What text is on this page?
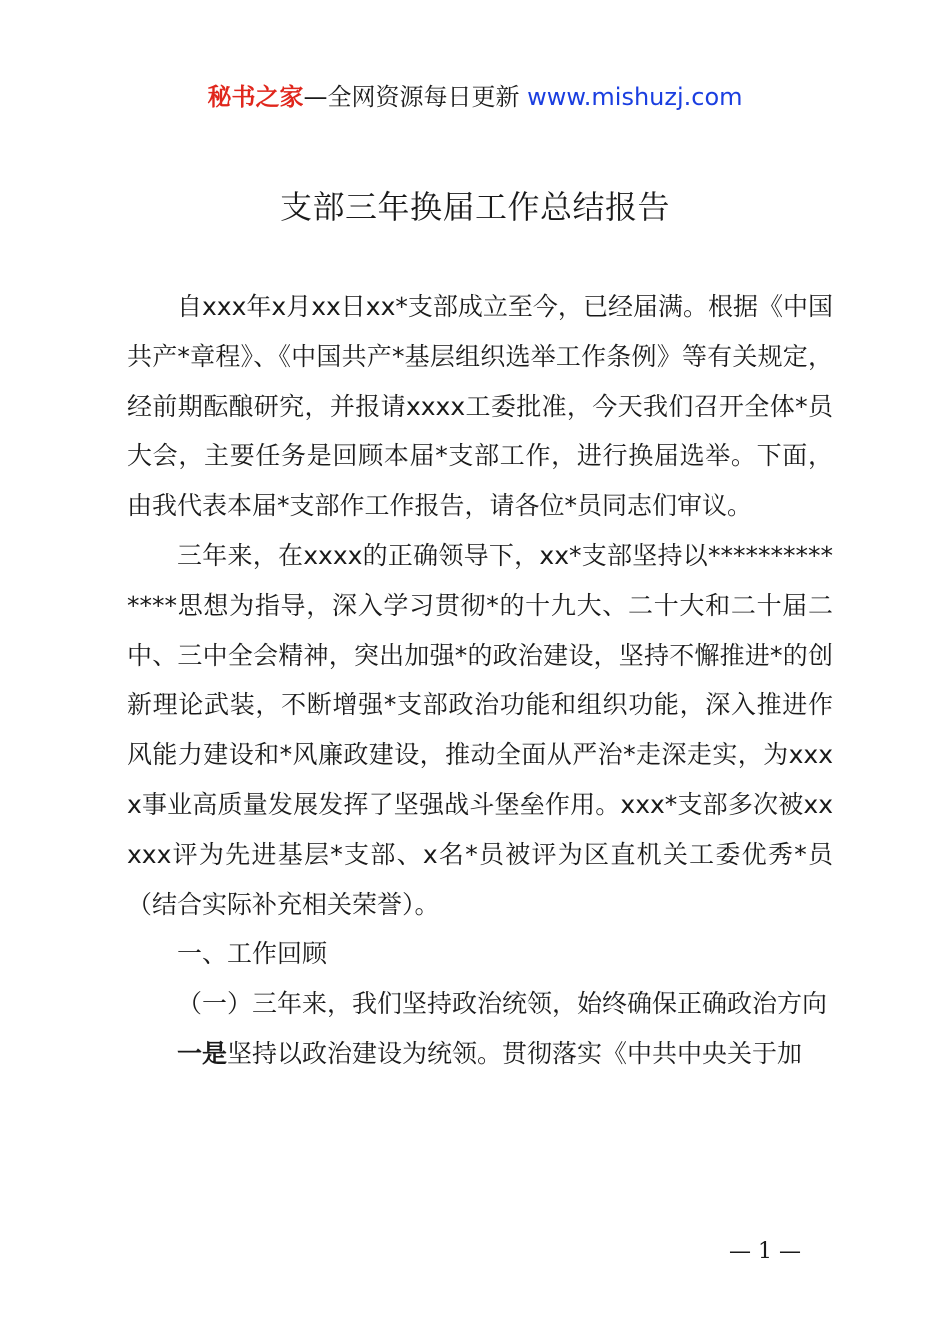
秘书之家—全网资源每日更新 www.mishuzj.com
支部三年换届工作总结报告

自xxx年x月xx日xx*支部成立至今，已经届满。根据《中国共产*章程》、《中国共产*基层组织选举工作条例》等有关规定，经前期酝酿研究，并报请xxxx工委批准，今天我们召开全体*员大会，主要任务是回顾本届*支部工作，进行换届选举。下面，由我代表本届*支部作工作报告，请各位*员同志们审议。

三年来，在xxxx的正确领导下，xx*支部坚持以**************思想为指导，深入学习贯彻*的十九大、二十大和二十届二中、三中全会精神，突出加强*的政治建设，坚持不懈推进*的创新理论武装，不断增强*支部政治功能和组织功能，深入推进作风能力建设和*风廉政建设，推动全面从严治*走深走实，为xxxx事业高质量发展发挥了坚强战斗堡垒作用。xxx*支部多次被xxxxx评为先进基层*支部、x名*员被评为区直机关工委优秀*员（结合实际补充相关荣誉）。

一、工作回顾

（一）三年来，我们坚持政治统领，始终确保正确政治方向

一是坚持以政治建设为统领。贯彻落实《中共中央关于加

— 1 —
